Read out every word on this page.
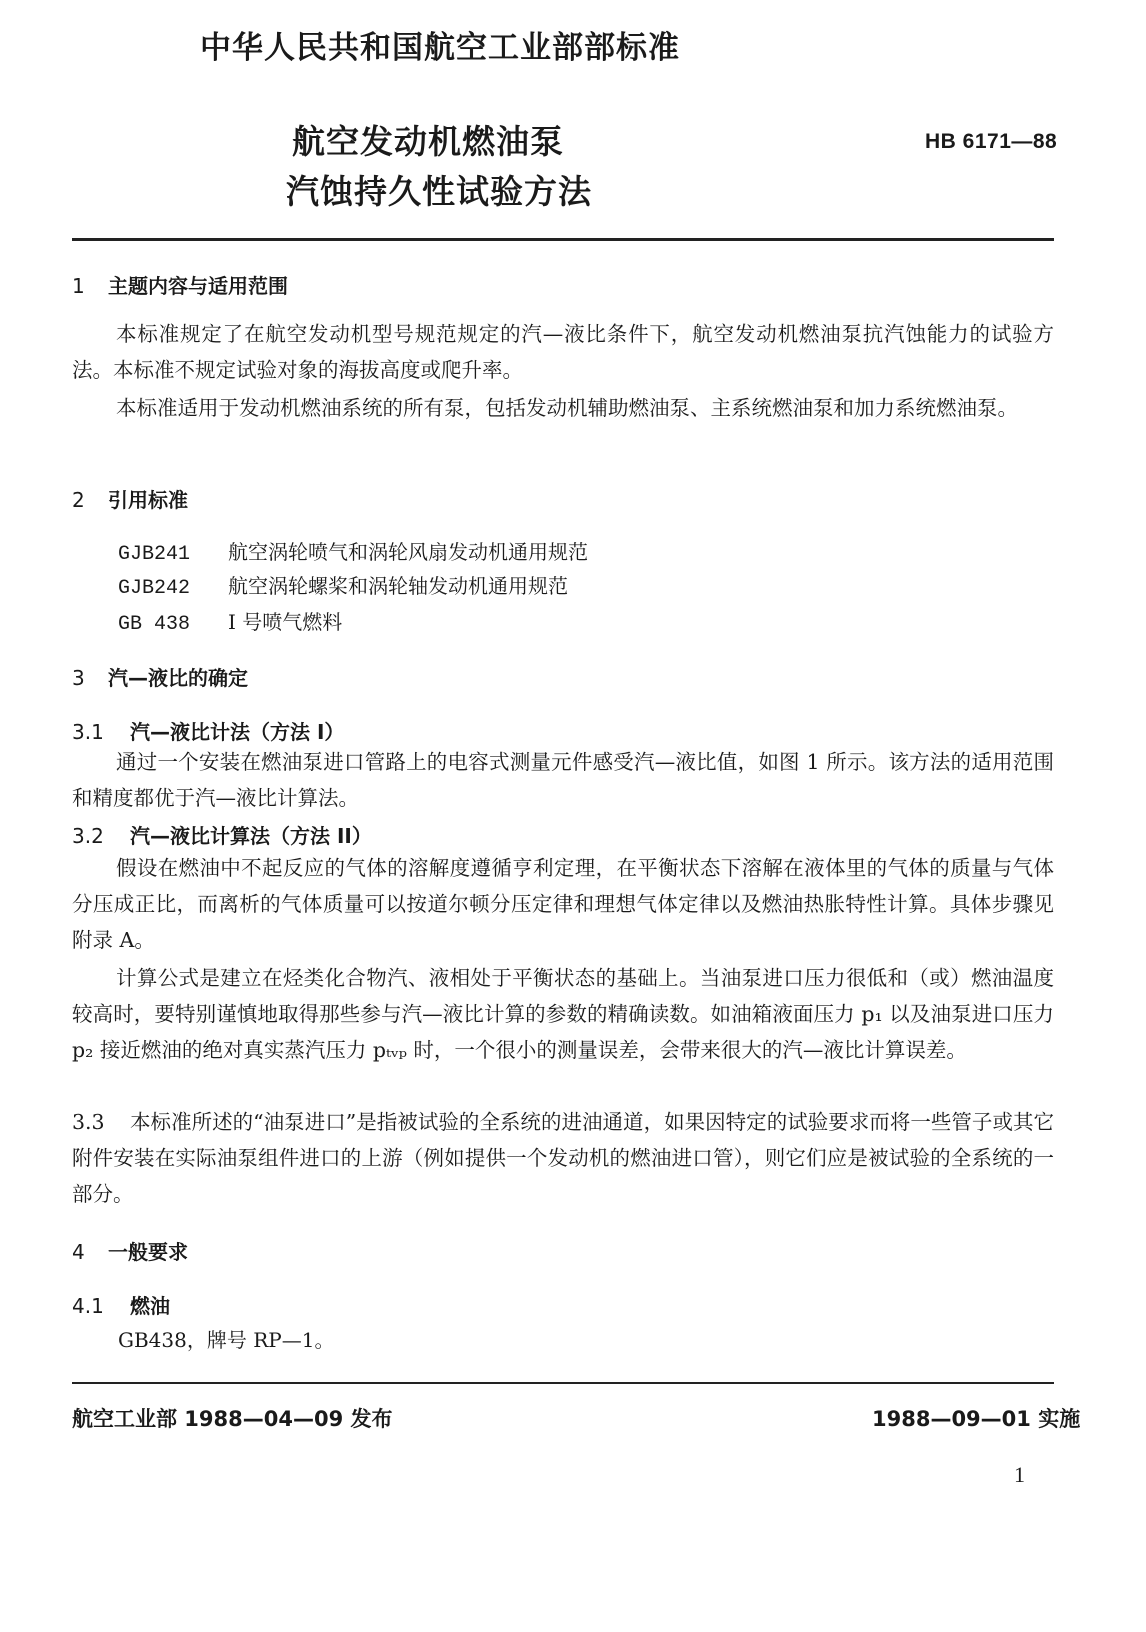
中华人民共和国航空工业部部标准
航空发动机燃油泵
汽蚀持久性试验方法
HB 6171—88
1 主题内容与适用范围
本标准规定了在航空发动机型号规范规定的汽—液比条件下，航空发动机燃油泵抗汽蚀能力的试验方法。本标准不规定试验对象的海拔高度或爬升率。
本标准适用于发动机燃油系统的所有泵，包括发动机辅助燃油泵、主系统燃油泵和加力系统燃油泵。
2 引用标准
GJB241 航空涡轮喷气和涡轮风扇发动机通用规范
GJB242 航空涡轮螺桨和涡轮轴发动机通用规范
GB 438 I 号喷气燃料
3 汽—液比的确定
3.1 汽—液比计法（方法 I）
通过一个安装在燃油泵进口管路上的电容式测量元件感受汽—液比值，如图 1 所示。该方法的适用范围和精度都优于汽—液比计算法。
3.2 汽—液比计算法（方法 II）
假设在燃油中不起反应的气体的溶解度遵循亨利定理，在平衡状态下溶解在液体里的气体的质量与气体分压成正比，而离析的气体质量可以按道尔顿分压定律和理想气体定律以及燃油热胀特性计算。具体步骤见附录 A。
计算公式是建立在烃类化合物汽、液相处于平衡状态的基础上。当油泵进口压力很低和（或）燃油温度较高时，要特别谨慎地取得那些参与汽—液比计算的参数的精确读数。如油箱液面压力 p₁ 以及油泵进口压力 p₂ 接近燃油的绝对真实蒸汽压力 pₜᵥₚ 时，一个很小的测量误差，会带来很大的汽—液比计算误差。
3.3 本标准所述的“油泵进口”是指被试验的全系统的进油通道，如果因特定的试验要求而将一些管子或其它附件安装在实际油泵组件进口的上游（例如提供一个发动机的燃油进口管），则它们应是被试验的全系统的一部分。
4 一般要求
4.1 燃油
GB438，牌号 RP—1。
航空工业部 1988—04—09 发布	1988—09—01 实施
1
